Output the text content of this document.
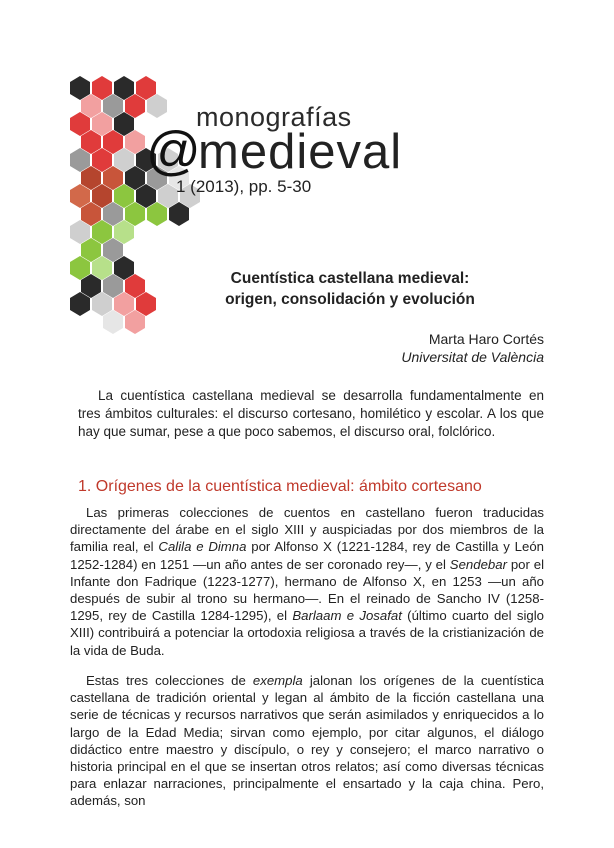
monografías
@
medieval
1 (2013), pp. 5-30
Cuentística castellana medieval:
origen, consolidación y evolución
Marta Haro Cortés
Universitat de València

La cuentística castellana medieval se desarrolla fundamentalmente en tres ámbitos culturales: el discurso cortesano, homilético y escolar. A los que hay que sumar, pese a que poco sabemos, el discurso oral, folclórico.

1. Orígenes de la cuentística medieval: ámbito cortesano

Las primeras colecciones de cuentos en castellano fueron traducidas directamente del árabe en el siglo XIII y auspiciadas por dos miembros de la familia real, el Calila e Dimna por Alfonso X (1221-1284, rey de Castilla y León 1252-1284) en 1251 —un año antes de ser coronado rey—, y el Sendebar por el Infante don Fadrique (1223-1277), hermano de Alfonso X, en 1253 —un año después de subir al trono su hermano—. En el reinado de Sancho IV (1258-1295, rey de Castilla 1284-1295), el Barlaam e Josafat (último cuarto del siglo XIII) contribuirá a potenciar la ortodoxia religiosa a través de la cristianización de la vida de Buda.

Estas tres colecciones de exempla jalonan los orígenes de la cuentística castellana de tradición oriental y legan al ámbito de la ficción castellana una serie de técnicas y recursos narrativos que serán asimilados y enriquecidos a lo largo de la Edad Media; sirvan como ejemplo, por citar algunos, el diálogo didáctico entre maestro y discípulo, o rey y consejero; el marco narrativo o historia principal en el que se insertan otros relatos; así como diversas técnicas para enlazar narraciones, principalmente el ensartado y la caja china. Pero, además, son
